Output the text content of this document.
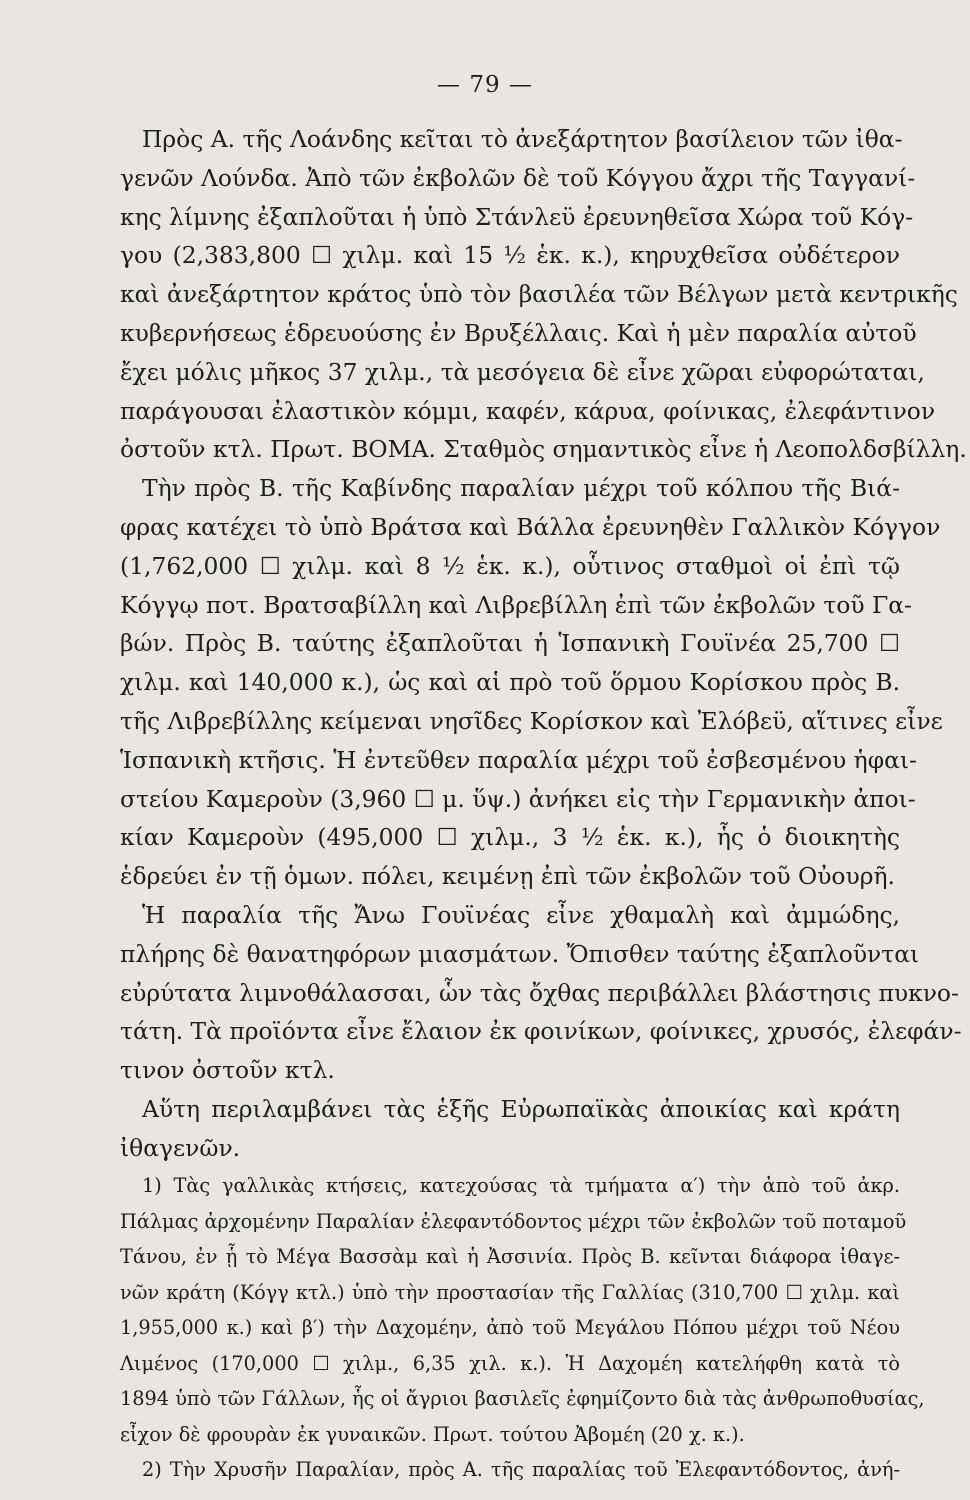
— 79 —
Πρὸς Α. τῆς Λοάνδης κεῖται τὸ ἀνεξάρτητον βασίλειον τῶν ἰθα-
γενῶν Λούνδα. Ἀπὸ τῶν ἐκβολῶν δὲ τοῦ Κόγγου ἄχρι τῆς Ταγγανί-
κης λίμνης ἐξαπλοῦται ἡ ὑπὸ Στάνλεϋ ἐρευνηθεῖσα Χώρα τοῦ Κόγ-
γου (2,383,800 ☐ χιλμ. καὶ 15 ½ ἑκ. κ.), κηρυχθεῖσα οὐδέτερον
καὶ ἀνεξάρτητον κράτος ὑπὸ τὸν βασιλέα τῶν Βέλγων μετὰ κεντρικῆς
κυβερνήσεως ἑδρευούσης ἐν Βρυξέλλαις. Καὶ ἡ μὲν παραλία αὐτοῦ
ἔχει μόλις μῆκος 37 χιλμ., τὰ μεσόγεια δὲ εἶνε χῶραι εὐφορώταται,
παράγουσαι ἐλαστικὸν κόμμι, καφέν, κάρυα, φοίνικας, ἐλεφάντινον
ὀστοῦν κτλ. Πρωτ. ΒΟΜΑ. Σταθμὸς σημαντικὸς εἶνε ἡ Λεοπολδσβίλλη.
Τὴν πρὸς Β. τῆς Καβίνδης παραλίαν μέχρι τοῦ κόλπου τῆς Βιά-
φρας κατέχει τὸ ὑπὸ Βράτσα καὶ Βάλλα ἐρευνηθὲν Γαλλικὸν Κόγγον
(1,762,000 ☐ χιλμ. καὶ 8 ½ ἑκ. κ.), οὗτινος σταθμοὶ οἱ ἐπὶ τῷ
Κόγγῳ ποτ. Βρατσαβίλλη καὶ Λιβρεβίλλη ἐπὶ τῶν ἐκβολῶν τοῦ Γα-
βών. Πρὸς Β. ταύτης ἐξαπλοῦται ἡ Ἱσπανικὴ Γουϊνέα 25,700 ☐
χιλμ. καὶ 140,000 κ.), ὡς καὶ αἱ πρὸ τοῦ ὅρμου Κορίσκου πρὸς Β.
τῆς Λιβρεβίλλης κείμεναι νησῖδες Κορίσκον καὶ Ἐλόβεϋ, αἵτινες εἶνε
Ἱσπανικὴ κτῆσις. Ἡ ἐντεῦθεν παραλία μέχρι τοῦ ἐσβεσμένου ἡφαι-
στείου Καμεροὺν (3,960 ☐ μ. ὕψ.) ἀνήκει εἰς τὴν Γερμανικὴν ἀποι-
κίαν Καμεροὺν (495,000 ☐ χιλμ., 3 ½ ἑκ. κ.), ἧς ὁ διοικητὴς
ἑδρεύει ἐν τῇ ὁμων. πόλει, κειμένῃ ἐπὶ τῶν ἐκβολῶν τοῦ Οὐουρῆ.
Ἡ παραλία τῆς Ἄνω Γουϊνέας εἶνε χθαμαλὴ καὶ ἀμμώδης,
πλήρης δὲ θανατηφόρων μιασμάτων. Ὄπισθεν ταύτης ἐξαπλοῦνται
εὐρύτατα λιμνοθάλασσαι, ὧν τὰς ὄχθας περιβάλλει βλάστησις πυκνο-
τάτη. Τὰ προϊόντα εἶνε ἔλαιον ἐκ φοινίκων, φοίνικες, χρυσός, ἐλεφάν-
τινον ὀστοῦν κτλ.
Αὕτη περιλαμβάνει τὰς ἑξῆς Εὐρωπαϊκὰς ἀποικίας καὶ κράτη
ἰθαγενῶν.
1) Τὰς γαλλικὰς κτήσεις, κατεχούσας τὰ τμήματα α′) τὴν ἀπὸ τοῦ ἀκρ.
Πάλμας ἀρχομένην Παραλίαν ἐλεφαντόδοντος μέχρι τῶν ἐκβολῶν τοῦ ποταμοῦ
Τάνου, ἐν ᾗ τὸ Μέγα Βασσὰμ καὶ ἡ Ἀσσινία. Πρὸς Β. κεῖνται διάφορα ἰθαγε-
νῶν κράτη (Κόγγ κτλ.) ὑπὸ τὴν προστασίαν τῆς Γαλλίας (310,700 ☐ χιλμ. καὶ
1,955,000 κ.) καὶ β′) τὴν Δαχομέην, ἀπὸ τοῦ Μεγάλου Πόπου μέχρι τοῦ Νέου
Λιμένος (170,000 ☐ χιλμ., 6,35 χιλ. κ.). Ἡ Δαχομέη κατελήφθη κατὰ τὸ
1894 ὑπὸ τῶν Γάλλων, ἧς οἱ ἄγριοι βασιλεῖς ἐφημίζοντο διὰ τὰς ἀνθρωποθυσίας,
εἶχον δὲ φρουρὰν ἐκ γυναικῶν. Πρωτ. τούτου Ἀβομέη (20 χ. κ.).
2) Τὴν Χρυσῆν Παραλίαν, πρὸς Α. τῆς παραλίας τοῦ Ἐλεφαντόδοντος, ἀνή-
